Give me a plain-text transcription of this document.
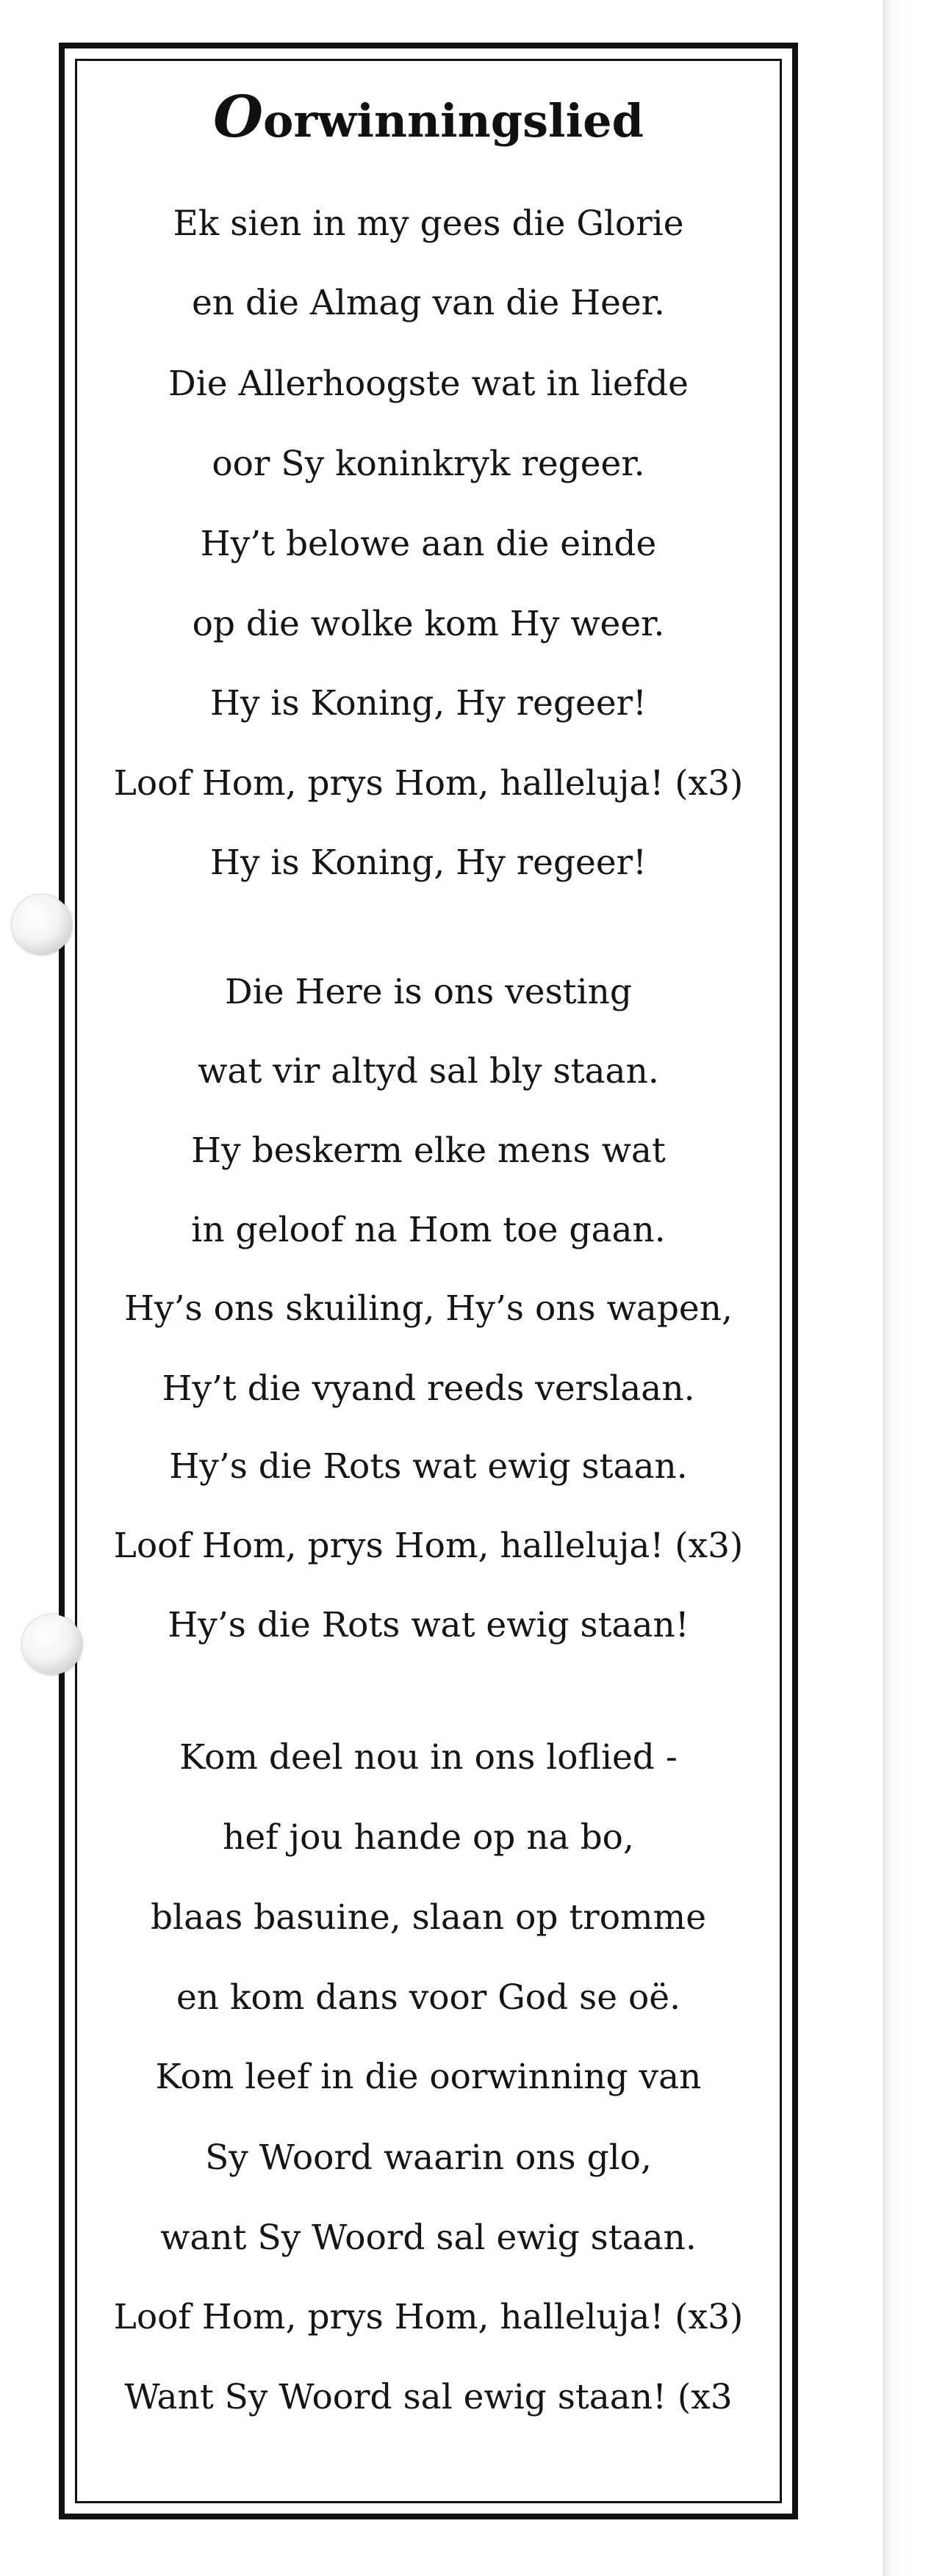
Oorwinningslied
Ek sien in my gees die Glorie
en die Almag van die Heer.
Die Allerhoogste wat in liefde
oor Sy koninkryk regeer.
Hy’t belowe aan die einde
op die wolke kom Hy weer.
Hy is Koning, Hy regeer!
Loof Hom, prys Hom, halleluja! (x3)
Hy is Koning, Hy regeer!
Die Here is ons vesting
wat vir altyd sal bly staan.
Hy beskerm elke mens wat
in geloof na Hom toe gaan.
Hy’s ons skuiling, Hy’s ons wapen,
Hy’t die vyand reeds verslaan.
Hy’s die Rots wat ewig staan.
Loof Hom, prys Hom, halleluja! (x3)
Hy’s die Rots wat ewig staan!
Kom deel nou in ons loflied -
hef jou hande op na bo,
blaas basuine, slaan op tromme
en kom dans voor God se oë.
Kom leef in die oorwinning van
Sy Woord waarin ons glo,
want Sy Woord sal ewig staan.
Loof Hom, prys Hom, halleluja! (x3)
Want Sy Woord sal ewig staan! (x3
